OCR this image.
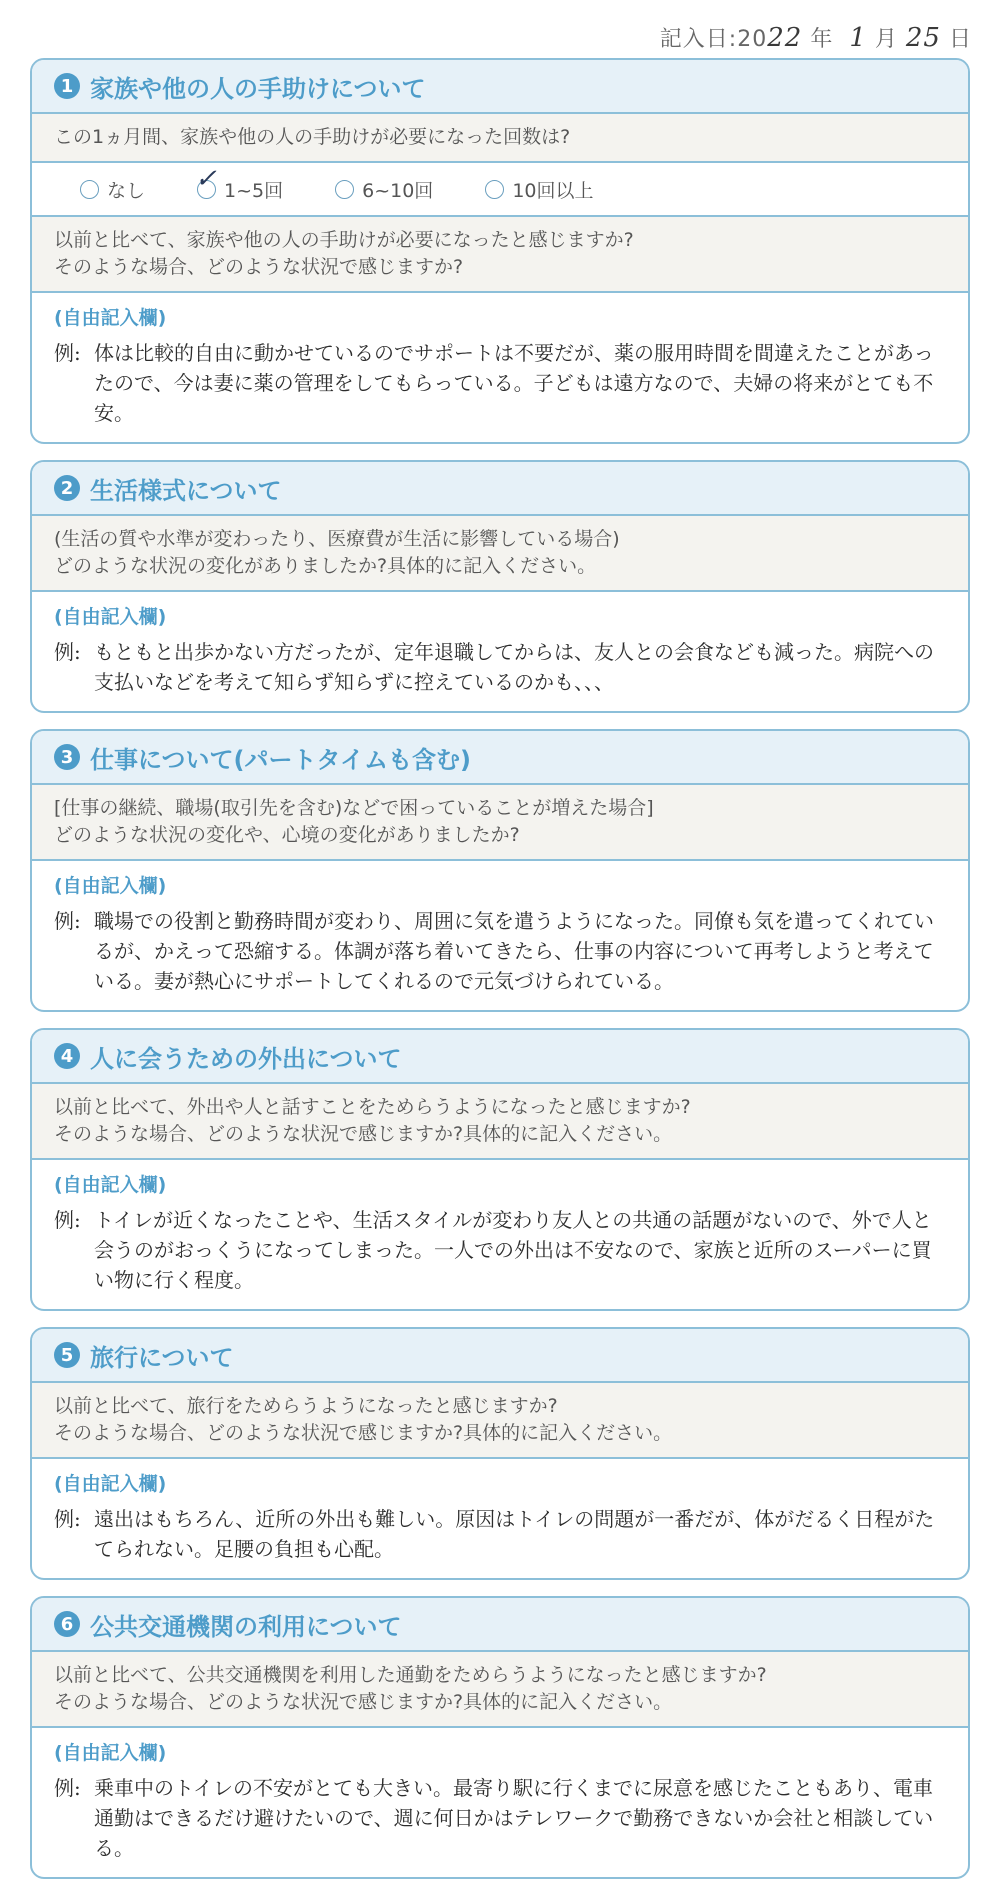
記入日:2022 年 1 月 25 日
1 家族や他の人の手助けについて
この1ヵ月間、家族や他の人の手助けが必要になった回数は?
なし ✓ 1~5回	6~10回	10回以上
以前と比べて、家族や他の人の手助けが必要になったと感じますか?
そのような場合、どのような状況で感じますか?
(自由記入欄)
例: 体は比較的自由に動かせているのでサポートは不要だが、薬の服用時間を間違えたことがあったので、今は妻に薬の管理をしてもらっている。子どもは遠方なので、夫婦の将来がとても不安。
2 生活様式について
(生活の質や水準が変わったり、医療費が生活に影響している場合)
どのような状況の変化がありましたか?具体的に記入ください。
(自由記入欄)
例: もともと出歩かない方だったが、定年退職してからは、友人との会食なども減った。病院への支払いなどを考えて知らず知らずに控えているのかも、、、
3 仕事について(パートタイムも含む)
[仕事の継続、職場(取引先を含む)などで困っていることが増えた場合]
どのような状況の変化や、心境の変化がありましたか?
(自由記入欄)
例: 職場での役割と勤務時間が変わり、周囲に気を遣うようになった。同僚も気を遣ってくれているが、かえって恐縮する。体調が落ち着いてきたら、仕事の内容について再考しようと考えている。妻が熱心にサポートしてくれるので元気づけられている。
4 人に会うための外出について
以前と比べて、外出や人と話すことをためらうようになったと感じますか?
そのような場合、どのような状況で感じますか?具体的に記入ください。
(自由記入欄)
例: トイレが近くなったことや、生活スタイルが変わり友人との共通の話題がないので、外で人と会うのがおっくうになってしまった。一人での外出は不安なので、家族と近所のスーパーに買い物に行く程度。
5 旅行について
以前と比べて、旅行をためらうようになったと感じますか?
そのような場合、どのような状況で感じますか?具体的に記入ください。
(自由記入欄)
例: 遠出はもちろん、近所の外出も難しい。原因はトイレの問題が一番だが、体がだるく日程がたてられない。足腰の負担も心配。
6 公共交通機関の利用について
以前と比べて、公共交通機関を利用した通勤をためらうようになったと感じますか?
そのような場合、どのような状況で感じますか?具体的に記入ください。
(自由記入欄)
例: 乗車中のトイレの不安がとても大きい。最寄り駅に行くまでに尿意を感じたこともあり、電車通勤はできるだけ避けたいので、週に何日かはテレワークで勤務できないか会社と相談している。
